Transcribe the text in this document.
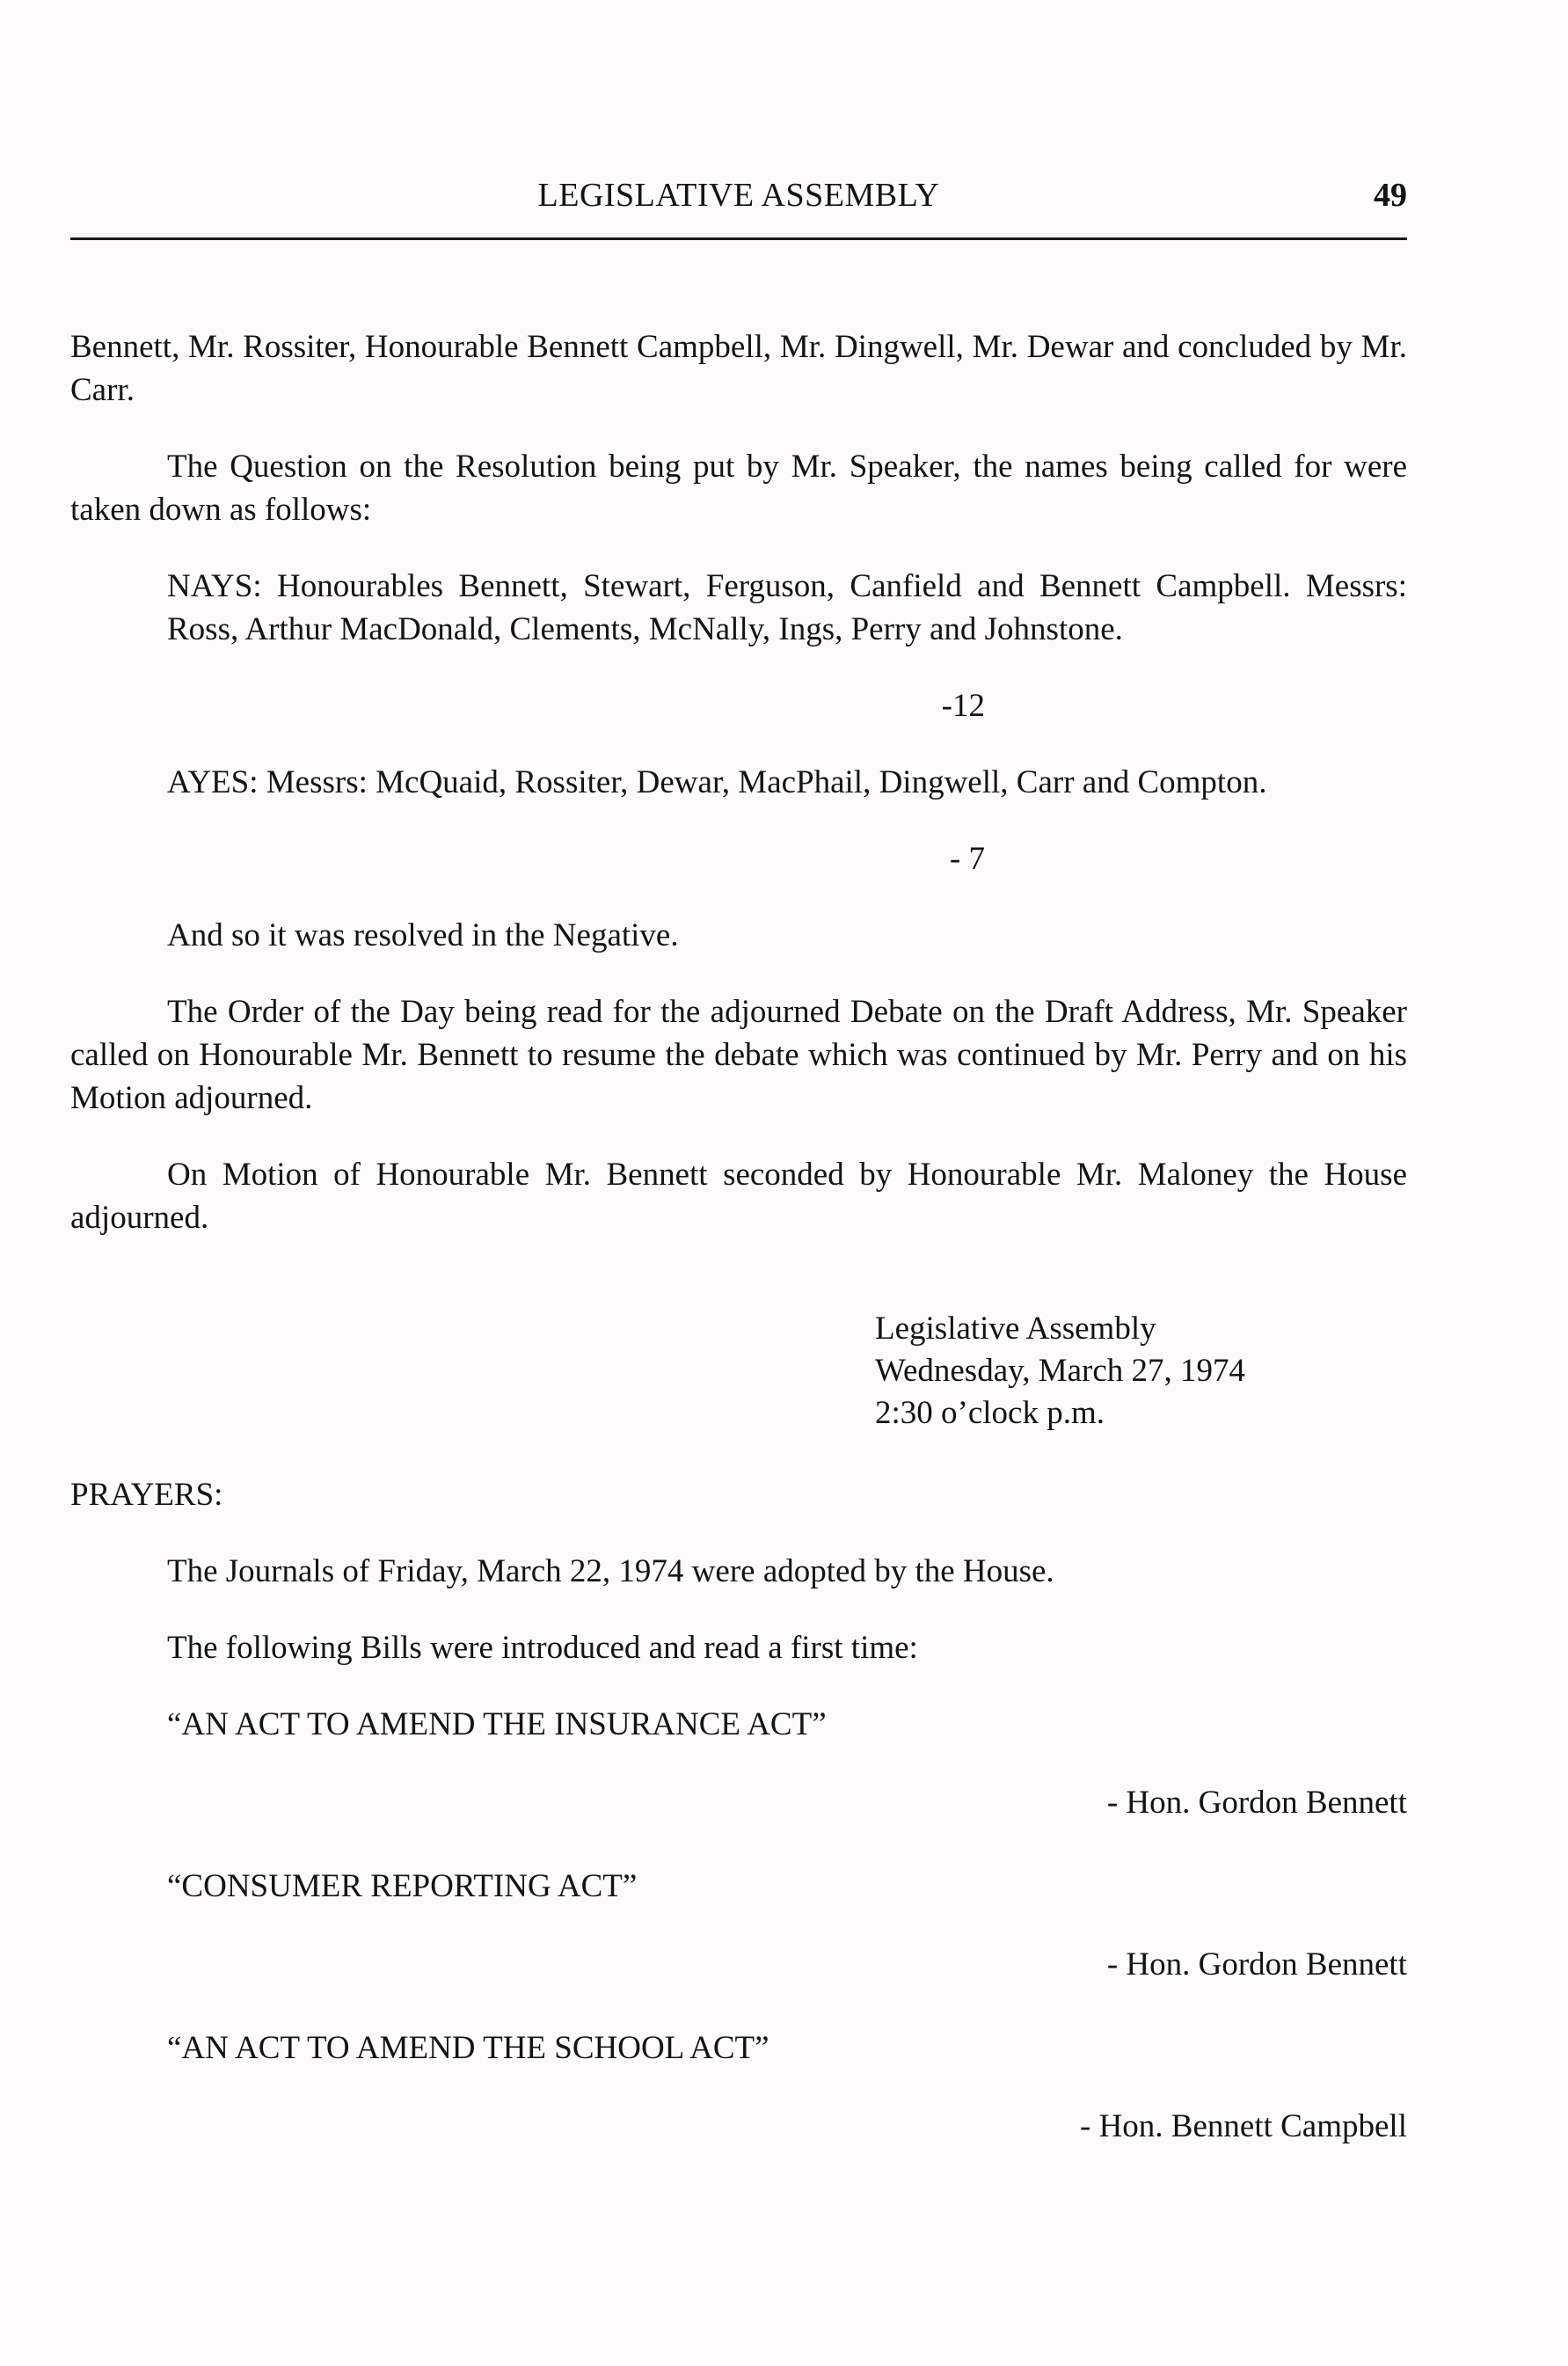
LEGISLATIVE ASSEMBLY	49

Bennett, Mr. Rossiter, Honourable Bennett Campbell, Mr. Dingwell, Mr. Dewar and concluded by Mr. Carr.

The Question on the Resolution being put by Mr. Speaker, the names being called for were taken down as follows:

NAYS: Honourables Bennett, Stewart, Ferguson, Canfield and Bennett Campbell. Messrs: Ross, Arthur MacDonald, Clements, McNally, Ings, Perry and Johnstone.

-12

AYES: Messrs: McQuaid, Rossiter, Dewar, MacPhail, Dingwell, Carr and Compton.

- 7

And so it was resolved in the Negative.

The Order of the Day being read for the adjourned Debate on the Draft Address, Mr. Speaker called on Honourable Mr. Bennett to resume the debate which was continued by Mr. Perry and on his Motion adjourned.

On Motion of Honourable Mr. Bennett seconded by Honourable Mr. Maloney the House adjourned.

Legislative Assembly
Wednesday, March 27, 1974
2:30 o’clock p.m.

PRAYERS:

The Journals of Friday, March 22, 1974 were adopted by the House.

The following Bills were introduced and read a first time:

“AN ACT TO AMEND THE INSURANCE ACT”
- Hon. Gordon Bennett
“CONSUMER REPORTING ACT”
- Hon. Gordon Bennett
“AN ACT TO AMEND THE SCHOOL ACT”
- Hon. Bennett Campbell
